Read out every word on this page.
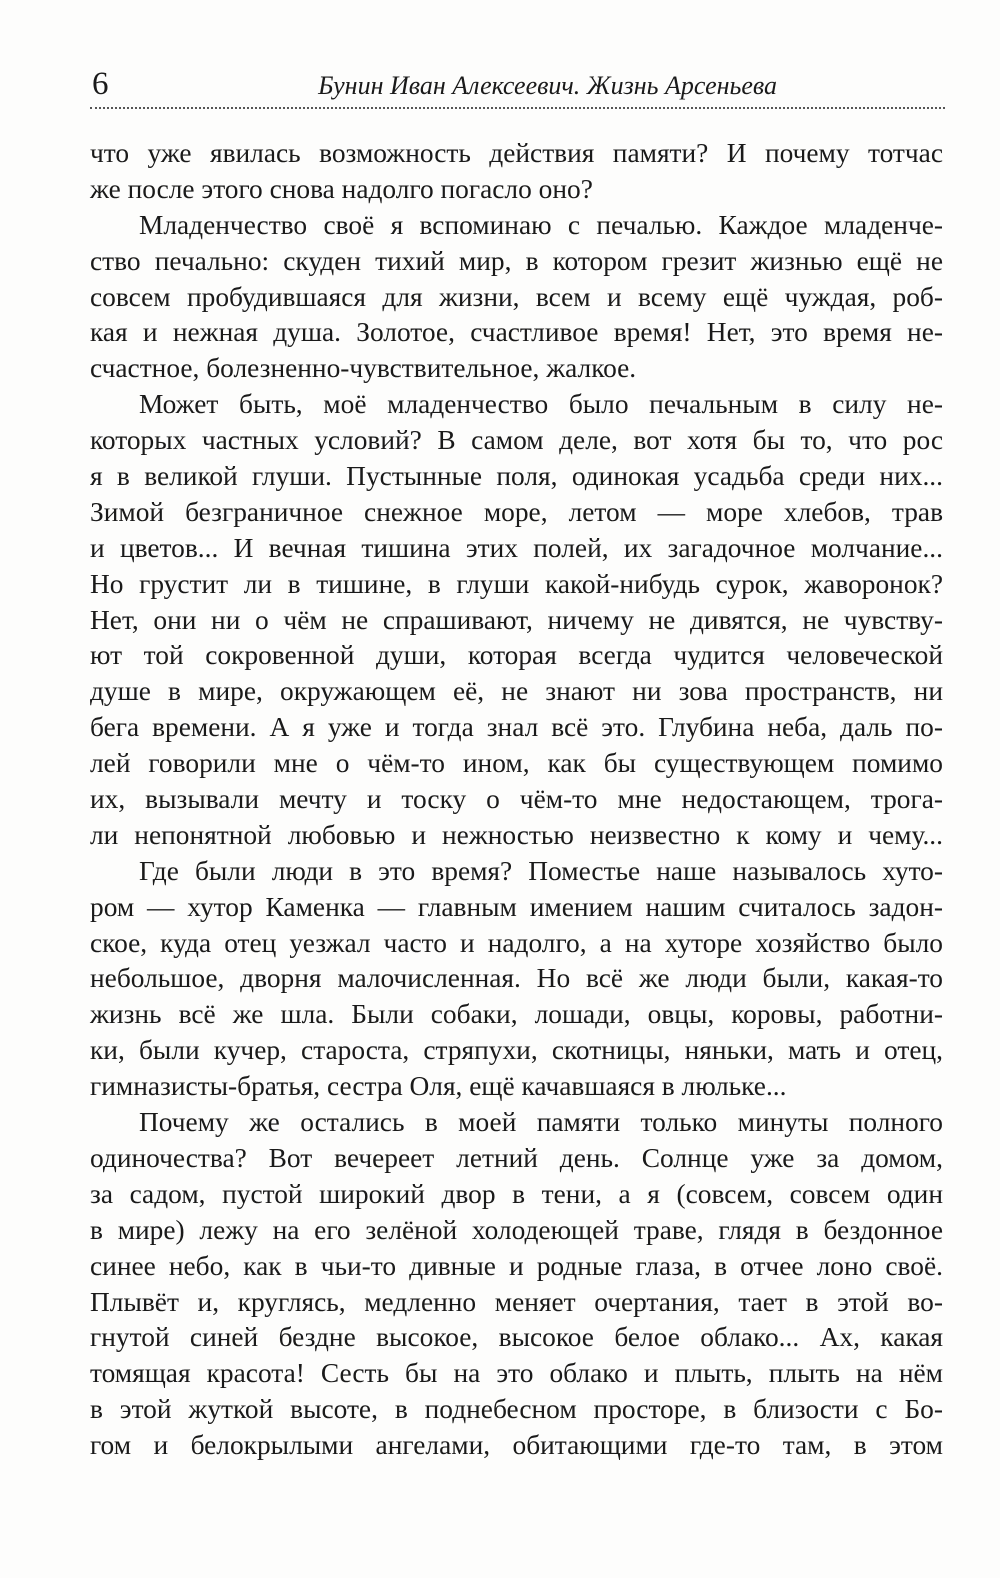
6	Бунин Иван Алексеевич. Жизнь Арсеньева
что уже явилась возможность действия памяти? И почему тотчас
же после этого снова надолго погасло оно?
Младенчество своё я вспоминаю с печалью. Каждое младенче-
ство печально: скуден тихий мир, в котором грезит жизнью ещё не
совсем пробудившаяся для жизни, всем и всему ещё чуждая, роб-
кая и нежная душа. Золотое, счастливое время! Нет, это время не-
счастное, болезненно-чувствительное, жалкое.
Может быть, моё младенчество было печальным в силу не-
которых частных условий? В самом деле, вот хотя бы то, что рос
я в великой глуши. Пустынные поля, одинокая усадьба среди них...
Зимой безграничное снежное море, летом — море хлебов, трав
и цветов... И вечная тишина этих полей, их загадочное молчание...
Но грустит ли в тишине, в глуши какой-нибудь сурок, жаворонок?
Нет, они ни о чём не спрашивают, ничему не дивятся, не чувству-
ют той сокровенной души, которая всегда чудится человеческой
душе в мире, окружающем её, не знают ни зова пространств, ни
бега времени. А я уже и тогда знал всё это. Глубина неба, даль по-
лей говорили мне о чём-то ином, как бы существующем помимо
их, вызывали мечту и тоску о чём-то мне недостающем, трога-
ли непонятной любовью и нежностью неизвестно к кому и чему...
Где были люди в это время? Поместье наше называлось хуто-
ром — хутор Каменка — главным имением нашим считалось задон-
ское, куда отец уезжал часто и надолго, а на хуторе хозяйство было
небольшое, дворня малочисленная. Но всё же люди были, какая-то
жизнь всё же шла. Были собаки, лошади, овцы, коровы, работни-
ки, были кучер, староста, стряпухи, скотницы, няньки, мать и отец,
гимназисты-братья, сестра Оля, ещё качавшаяся в люльке...
Почему же остались в моей памяти только минуты полного
одиночества? Вот вечереет летний день. Солнце уже за домом,
за садом, пустой широкий двор в тени, а я (совсем, совсем один
в мире) лежу на его зелёной холодеющей траве, глядя в бездонное
синее небо, как в чьи-то дивные и родные глаза, в отчее лоно своё.
Плывёт и, круглясь, медленно меняет очертания, тает в этой во-
гнутой синей бездне высокое, высокое белое облако... Ах, какая
томящая красота! Сесть бы на это облако и плыть, плыть на нём
в этой жуткой высоте, в поднебесном просторе, в близости с Бо-
гом и белокрылыми ангелами, обитающими где-то там, в этом
